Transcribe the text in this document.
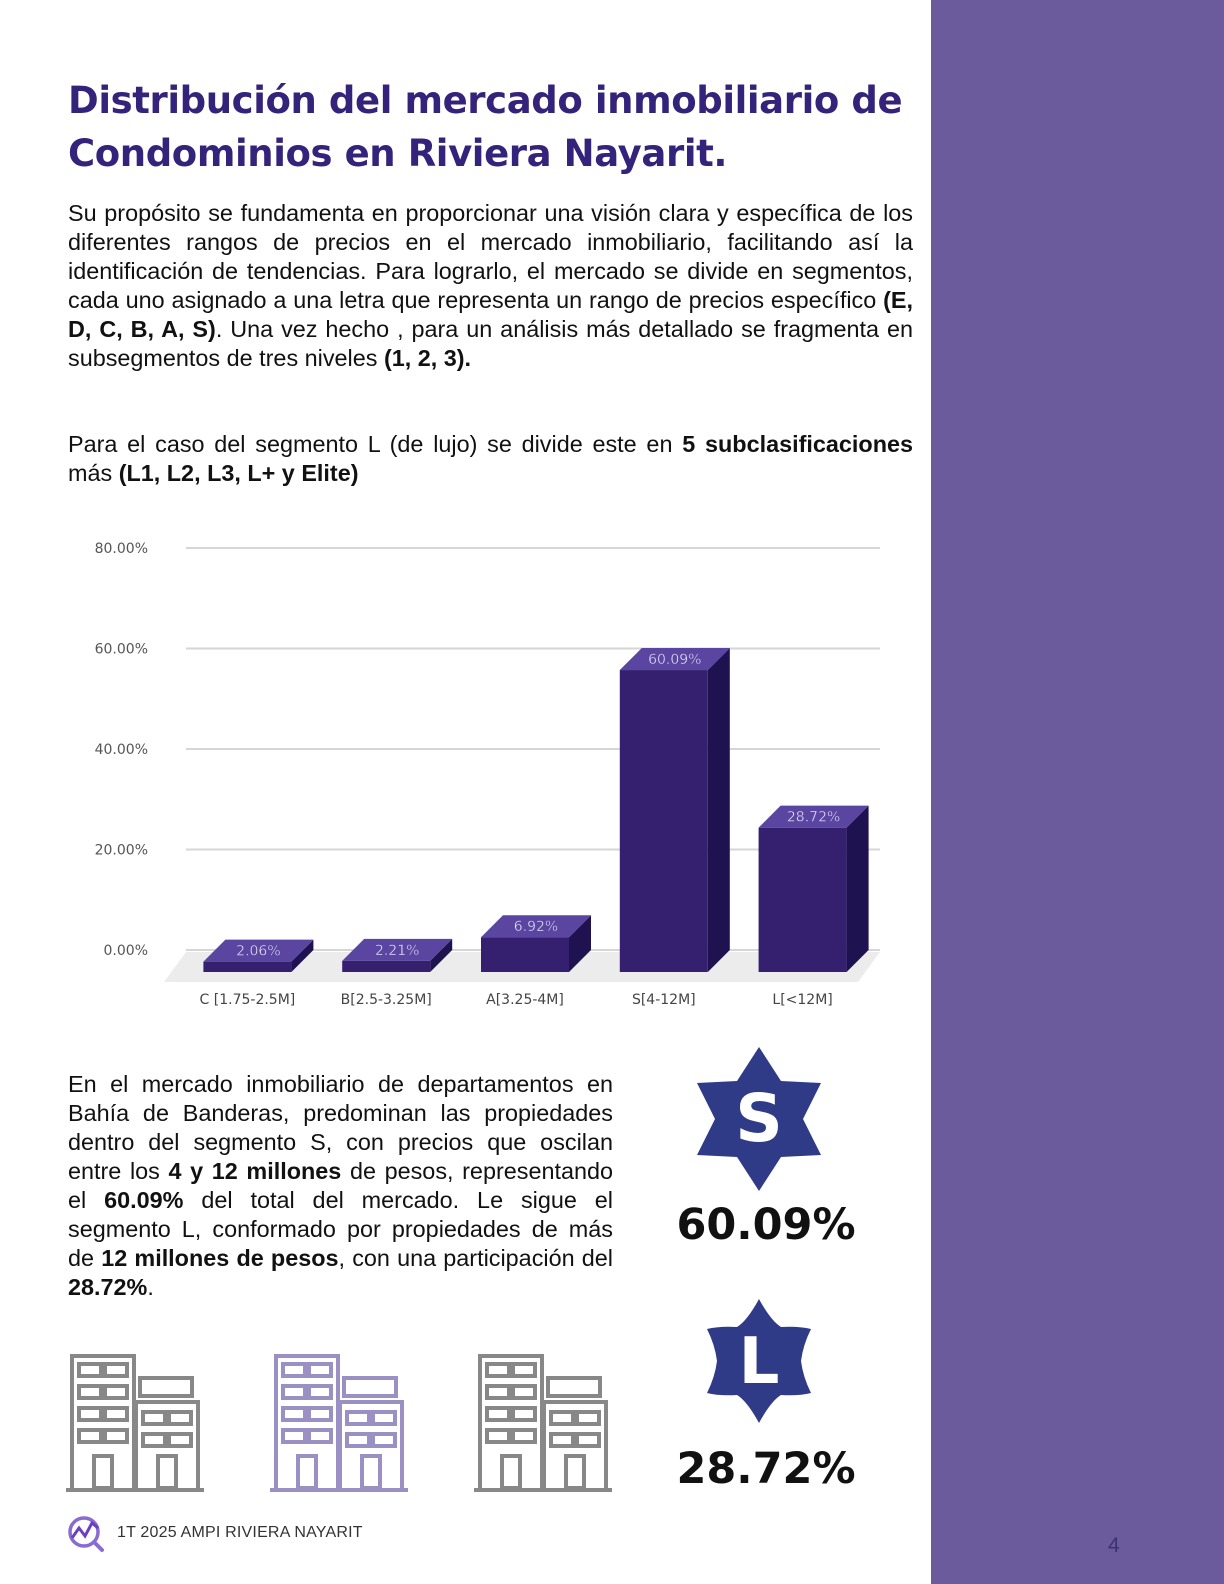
Distribución del mercado inmobiliario de Condominios en Riviera Nayarit.

Su propósito se fundamenta en proporcionar una visión clara y específica de los diferentes rangos de precios en el mercado inmobiliario, facilitando así la identificación de tendencias. Para lograrlo, el mercado se divide en segmentos, cada uno asignado a una letra que representa un rango de precios específico (E, D, C, B, A, S). Una vez hecho , para un análisis más detallado se fragmenta en subsegmentos de tres niveles (1, 2, 3).

Para el caso del segmento L (de lujo) se divide este en 5 subclasificaciones más (L1, L2, L3, L+ y Elite)

0.00%
20.00%
40.00%
60.00%
80.00%
2.06%
C [1.75-2.5M]
2.21%
B[2.5-3.25M]
6.92%
A[3.25-4M]
60.09%
S[4-12M]
28.72%
L[<12M]

En el mercado inmobiliario de departamentos en Bahía de Banderas, predominan las propiedades dentro del segmento S, con precios que oscilan entre los 4 y 12 millones de pesos, representando el 60.09% del total del mercado. Le sigue el segmento L, conformado por propiedades de más de 12 millones de pesos, con una participación del 28.72%.

S
60.09%
L
28.72%
1T 2025 AMPI RIVIERA NAYARIT
4
